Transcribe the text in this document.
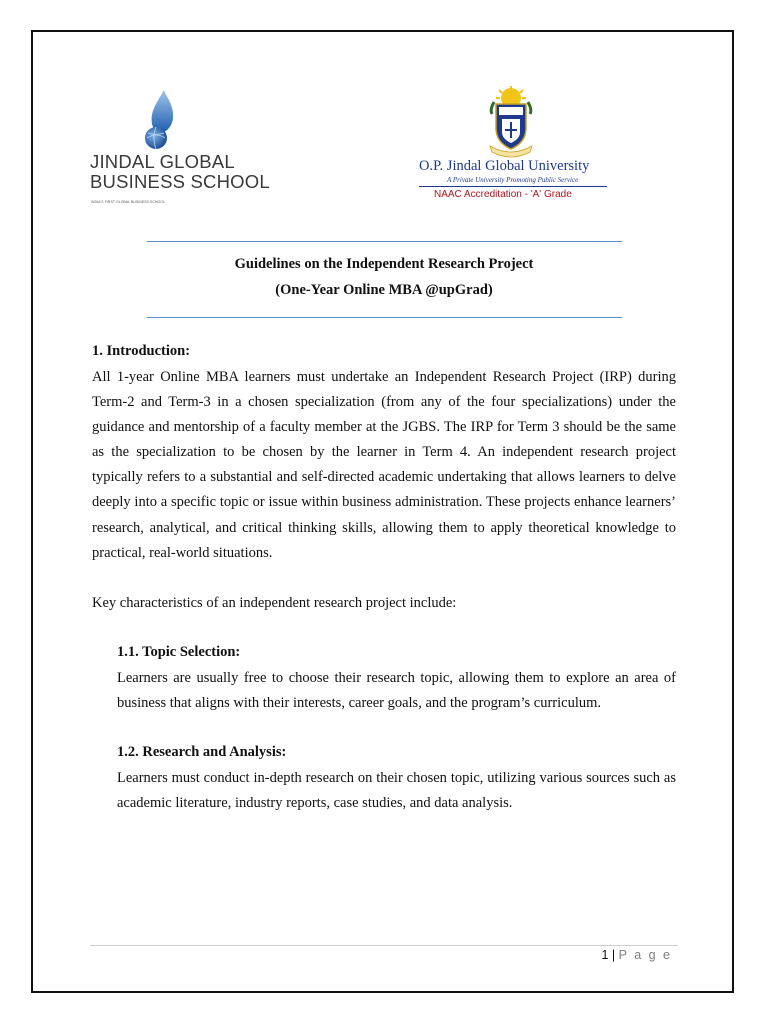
JINDAL GLOBAL
BUSINESS SCHOOL
INDIA'S FIRST GLOBAL BUSINESS SCHOOL
O.P. Jindal Global University
A Private University Promoting Public Service
NAAC Accreditation - 'A' Grade
Guidelines on the Independent Research Project
(One-Year Online MBA @upGrad)
1. Introduction:

All 1-year Online MBA learners must undertake an Independent Research Project (IRP) during Term-2 and Term-3 in a chosen specialization (from any of the four specializations) under the guidance and mentorship of a faculty member at the JGBS. The IRP for Term 3 should be the same as the specialization to be chosen by the learner in Term 4. An independent research project typically refers to a substantial and self-directed academic undertaking that allows learners to delve deeply into a specific topic or issue within business administration. These projects enhance learners’ research, analytical, and critical thinking skills, allowing them to apply theoretical knowledge to practical, real-world situations.

Key characteristics of an independent research project include:

1.1. Topic Selection:

Learners are usually free to choose their research topic, allowing them to explore an area of business that aligns with their interests, career goals, and the program’s curriculum.

1.2. Research and Analysis:

Learners must conduct in-depth research on their chosen topic, utilizing various sources such as academic literature, industry reports, case studies, and data analysis.

1 | P a g e
